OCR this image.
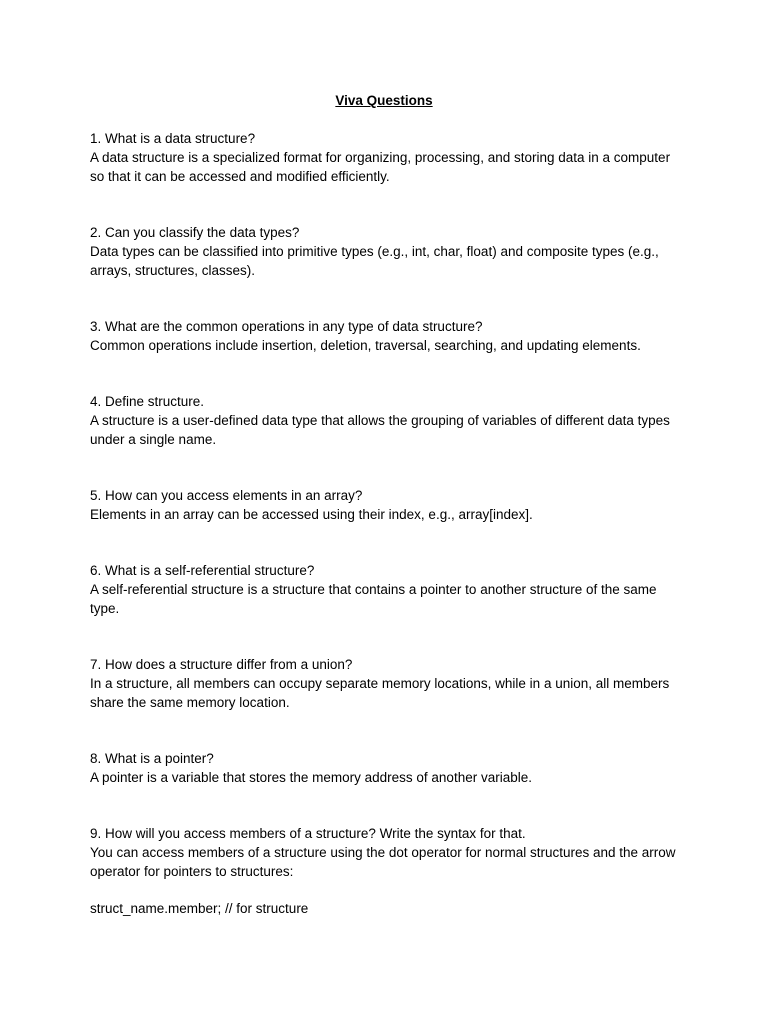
Viva Questions

1. What is a data structure?

A data structure is a specialized format for organizing, processing, and storing data in a computer so that it can be accessed and modified efficiently.

2. Can you classify the data types?

Data types can be classified into primitive types (e.g., int, char, float) and composite types (e.g., arrays, structures, classes).

3. What are the common operations in any type of data structure?

Common operations include insertion, deletion, traversal, searching, and updating elements.

4. Define structure.

A structure is a user-defined data type that allows the grouping of variables of different data types under a single name.

5. How can you access elements in an array?

Elements in an array can be accessed using their index, e.g., array[index].

6. What is a self-referential structure?

A self-referential structure is a structure that contains a pointer to another structure of the same type.

7. How does a structure differ from a union?

In a structure, all members can occupy separate memory locations, while in a union, all members share the same memory location.

8. What is a pointer?

A pointer is a variable that stores the memory address of another variable.

9. How will you access members of a structure? Write the syntax for that.

You can access members of a structure using the dot operator for normal structures and the arrow operator for pointers to structures:

struct_name.member; // for structure
